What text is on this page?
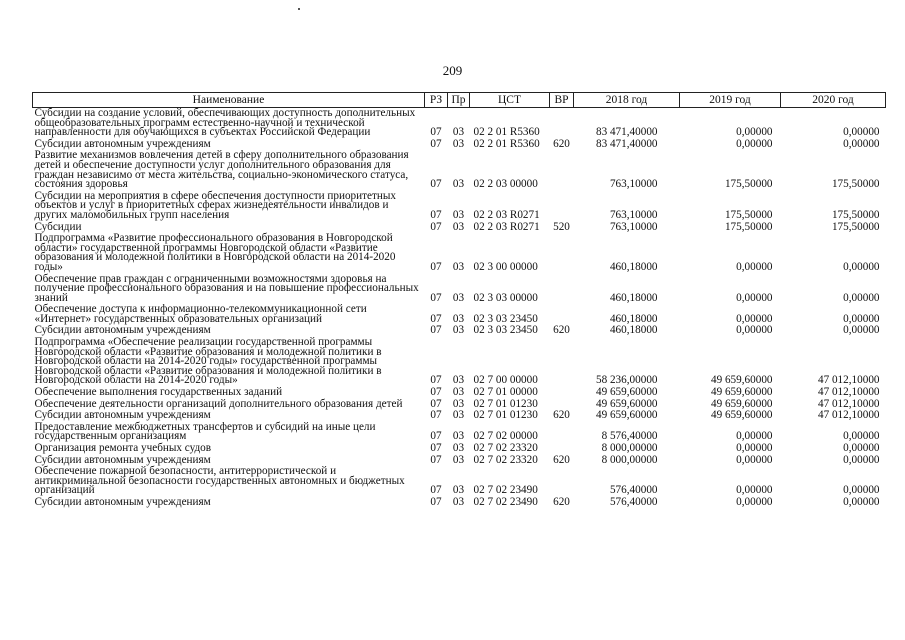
209
Наименование	РЗ	Пр	ЦСТ	ВР	2018 год	2019 год	2020 год
Субсидии на создание условий, обеспечивающих доступность дополнительных общеобразовательных программ естественно-научной и технической направленности для обучающихся в субъектах Российской Федерации	07	03	02 2 01 R5360		83 471,40000	0,00000	0,00000
Субсидии автономным учреждениям	07	03	02 2 01 R5360	620	83 471,40000	0,00000	0,00000
Развитие механизмов вовлечения детей в сферу дополнительного образования детей и обеспечение доступности услуг дополнительного образования для граждан независимо от места жительства, социально-экономического статуса, состояния здоровья	07	03	02 2 03 00000		763,10000	175,50000	175,50000
Субсидии на мероприятия в сфере обеспечения доступности приоритетных объектов и услуг в приоритетных сферах жизнедеятельности инвалидов и других маломобильных групп населения	07	03	02 2 03 R0271		763,10000	175,50000	175,50000
Субсидии	07	03	02 2 03 R0271	520	763,10000	175,50000	175,50000
Подпрограмма «Развитие профессионального образования в Новгородской области» государственной программы Новгородской области «Развитие образования и молодежной политики в Новгородской области на 2014-2020 годы»	07	03	02 3 00 00000		460,18000	0,00000	0,00000
Обеспечение прав граждан с ограниченными возможностями здоровья на получение профессионального образования и на повышение профессиональных знаний	07	03	02 3 03 00000		460,18000	0,00000	0,00000
Обеспечение доступа к информационно-телекоммуникационной сети «Интернет» государственных образовательных организаций	07	03	02 3 03 23450		460,18000	0,00000	0,00000
Субсидии автономным учреждениям	07	03	02 3 03 23450	620	460,18000	0,00000	0,00000
Подпрограмма «Обеспечение реализации государственной программы Новгородской области «Развитие образования и молодежной политики в Новгородской области на 2014-2020 годы» государственной программы Новгородской области «Развитие образования и молодежной политики в Новгородской области на 2014-2020 годы»	07	03	02 7 00 00000		58 236,00000	49 659,60000	47 012,10000
Обеспечение выполнения государственных заданий	07	03	02 7 01 00000		49 659,60000	49 659,60000	47 012,10000
Обеспечение деятельности организаций дополнительного образования детей	07	03	02 7 01 01230		49 659,60000	49 659,60000	47 012,10000
Субсидии автономным учреждениям	07	03	02 7 01 01230	620	49 659,60000	49 659,60000	47 012,10000
Предоставление межбюджетных трансфертов и субсидий на иные цели государственным организациям	07	03	02 7 02 00000		8 576,40000	0,00000	0,00000
Организация ремонта учебных судов	07	03	02 7 02 23320		8 000,00000	0,00000	0,00000
Субсидии автономным учреждениям	07	03	02 7 02 23320	620	8 000,00000	0,00000	0,00000
Обеспечение пожарной безопасности, антитеррористической и антикриминальной безопасности государственных автономных и бюджетных организаций	07	03	02 7 02 23490		576,40000	0,00000	0,00000
Субсидии автономным учреждениям	07	03	02 7 02 23490	620	576,40000	0,00000	0,00000
